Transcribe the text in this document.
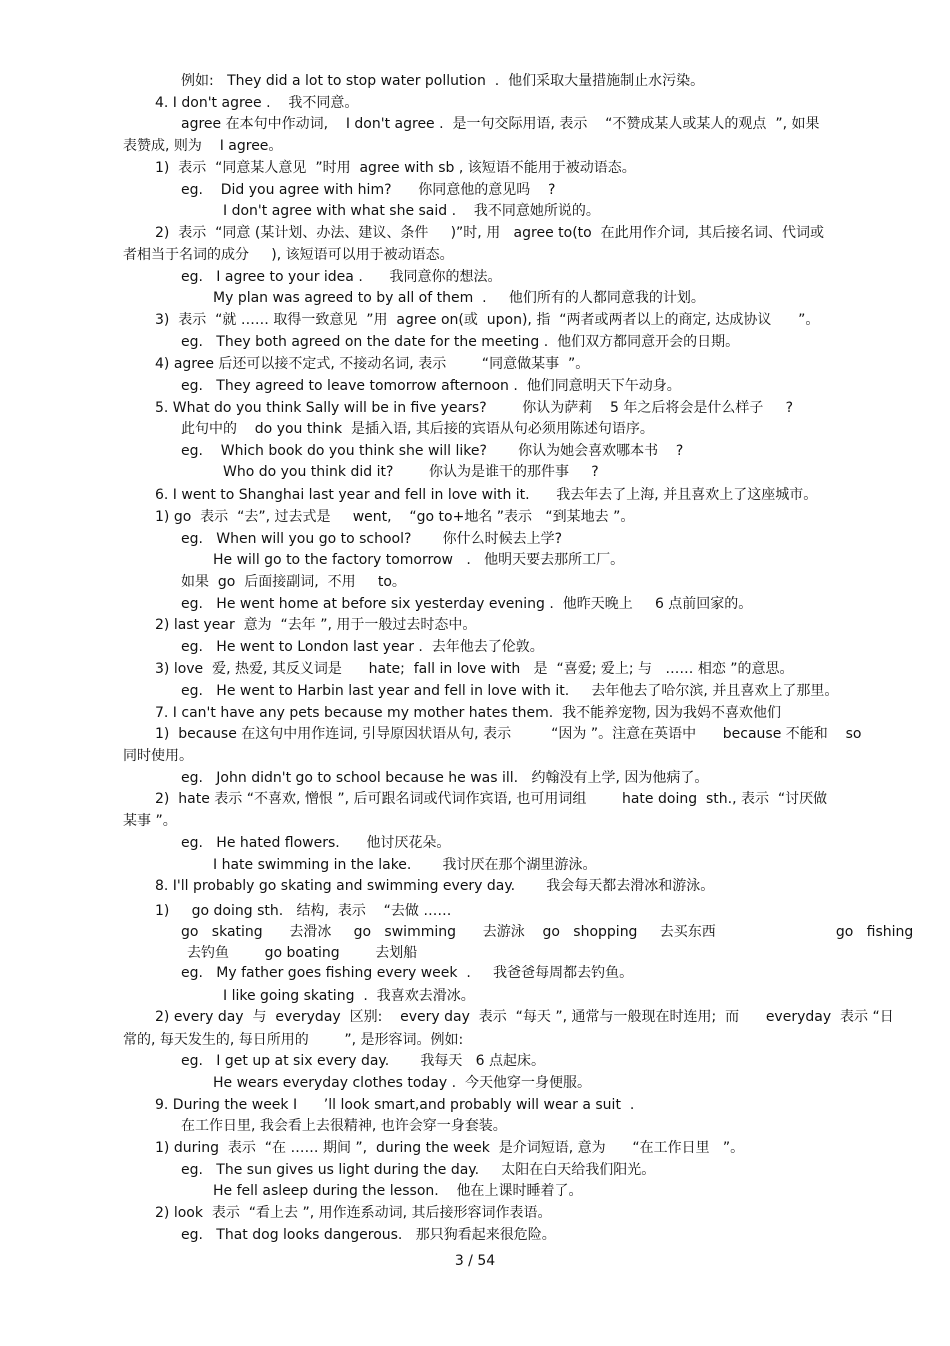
例如:   They did a lot to stop water pollution  .  他们采取大量措施制止水污染。
4. I don't agree .    我不同意。
agree 在本句中作动词,    I don't agree .  是一句交际用语, 表示    “不赞成某人或某人的观点  ”, 如果
表赞成, 则为    I agree。
1)  表示  “同意某人意见  ”时用  agree with sb , 该短语不能用于被动语态。
eg.    Did you agree with him?      你同意他的意见吗    ?
I don't agree with what she said .    我不同意她所说的。
2)  表示  “同意 (某计划、办法、建议、条件     )”时, 用   agree to(to  在此用作介词,  其后接名词、代词或
者相当于名词的成分     ), 该短语可以用于被动语态。
eg.   I agree to your idea .      我同意你的想法。
My plan was agreed to by all of them  .     他们所有的人都同意我的计划。
3)  表示  “就 …… 取得一致意见  ”用  agree on(或  upon), 指  “两者或两者以上的商定, 达成协议      ”。
eg.   They both agreed on the date for the meeting .  他们双方都同意开会的日期。
4) agree 后还可以接不定式, 不接动名词, 表示        “同意做某事  ”。
eg.   They agreed to leave tomorrow afternoon .  他们同意明天下午动身。
5. What do you think Sally will be in five years?        你认为萨莉    5 年之后将会是什么样子     ?
此句中的    do you think  是插入语, 其后接的宾语从句必须用陈述句语序。
eg.    Which book do you think she will like?       你认为她会喜欢哪本书    ?
Who do you think did it?        你认为是谁干的那件事     ?
6. I went to Shanghai last year and fell in love with it.      我去年去了上海, 并且喜欢上了这座城市。
1) go  表示  “去”, 过去式是     went,    “go to+地名 ”表示   “到某地去 ”。
eg.   When will you go to school?       你什么时候去上学?
He will go to the factory tomorrow   .   他明天要去那所工厂。
如果  go  后面接副词,  不用     to。
eg.   He went home at before six yesterday evening .  他昨天晚上     6 点前回家的。
2) last year  意为  “去年 ”, 用于一般过去时态中。
eg.   He went to London last year .  去年他去了伦敦。
3) love  爱, 热爱, 其反义词是      hate;  fall in love with   是  “喜爱; 爱上; 与   …… 相恋 ”的意思。
eg.   He went to Harbin last year and fell in love with it.     去年他去了哈尔滨, 并且喜欢上了那里。
7. I can't have any pets because my mother hates them.  我不能养宠物, 因为我妈不喜欢他们
1)  because 在这句中用作连词, 引导原因状语从句, 表示         “因为 ”。注意在英语中      because 不能和    so
同时使用。
eg.   John didn't go to school because he was ill.   约翰没有上学, 因为他病了。
2)  hate 表示 “不喜欢, 憎恨 ”, 后可跟名词或代词作宾语, 也可用词组        hate doing  sth., 表示  “讨厌做
某事 ”。
eg.   He hated flowers.      他讨厌花朵。
I hate swimming in the lake.       我讨厌在那个湖里游泳。
8. I'll probably go skating and swimming every day.       我会每天都去滑冰和游泳。
1)     go doing sth.   结构,  表示    “去做 ……
go   skating      去滑冰     go   swimming      去游泳    go   shopping     去买东西                           go   fishing
去钓鱼        go boating        去划船
eg.   My father goes fishing every week  .     我爸爸每周都去钓鱼。
I like going skating  .  我喜欢去滑冰。
2) every day  与  everyday  区别:    every day  表示  “每天 ”, 通常与一般现在时连用;  而      everyday  表示 “日
常的, 每天发生的, 每日所用的        ”, 是形容词。例如:
eg.   I get up at six every day.       我每天   6 点起床。
He wears everyday clothes today .  今天他穿一身便服。
9. During the week I      ’ll look smart,and probably will wear a suit  .
在工作日里, 我会看上去很精神, 也许会穿一身套装。
1) during  表示  “在 …… 期间 ”,  during the week  是介词短语, 意为      “在工作日里   ”。
eg.   The sun gives us light during the day.     太阳在白天给我们阳光。
He fell asleep during the lesson.    他在上课时睡着了。
2) look  表示  “看上去 ”, 用作连系动词, 其后接形容词作表语。
eg.   That dog looks dangerous.   那只狗看起来很危险。
3 / 54
